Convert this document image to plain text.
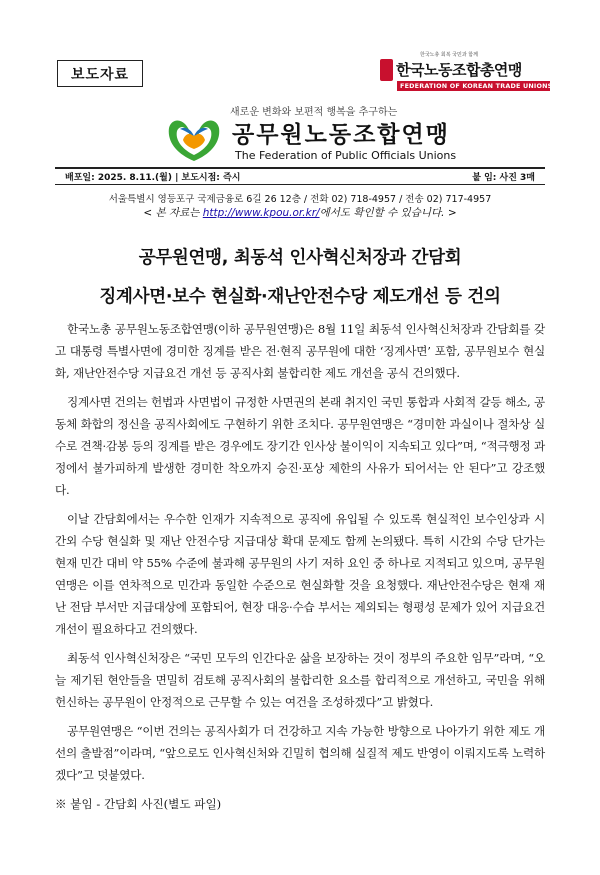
보도자료
한국노총 회복 국민과 함께
한국노동조합총연맹
FEDERATION OF KOREAN TRADE UNIONS
새로운 변화와 보편적 행복을 추구하는
공무원노동조합연맹
The Federation of Public Officials Unions
배포일: 2025. 8.11.(월) | 보도시점: 즉시	붙 임: 사진 3매
서울특별시 영등포구 국제금융로 6길 26 12층 / 전화 02) 718-4957 / 전송 02) 717-4957
< 본 자료는 http://www.kpou.or.kr/에서도 확인할 수 있습니다. >
공무원연맹, 최동석 인사혁신처장과 간담회
징계사면·보수 현실화·재난안전수당 제도개선 등 건의

한국노총 공무원노동조합연맹(이하 공무원연맹)은 8월 11일 최동석 인사혁신처장과 간담회를 갖고 대통령 특별사면에 경미한 징계를 받은 전·현직 공무원에 대한 ‘징계사면’ 포함, 공무원보수 현실화, 재난안전수당 지급요건 개선 등 공직사회 불합리한 제도 개선을 공식 건의했다.

징계사면 건의는 헌법과 사면법이 규정한 사면권의 본래 취지인 국민 통합과 사회적 갈등 해소, 공동체 화합의 정신을 공직사회에도 구현하기 위한 조치다. 공무원연맹은 “경미한 과실이나 절차상 실수로 견책·감봉 등의 징계를 받은 경우에도 장기간 인사상 불이익이 지속되고 있다”며, “적극행정 과정에서 불가피하게 발생한 경미한 착오까지 승진·포상 제한의 사유가 되어서는 안 된다”고 강조했다.

이날 간담회에서는 우수한 인재가 지속적으로 공직에 유입될 수 있도록 현실적인 보수인상과 시간외 수당 현실화 및 재난 안전수당 지급대상 확대 문제도 함께 논의됐다. 특히 시간외 수당 단가는 현재 민간 대비 약 55% 수준에 불과해 공무원의 사기 저하 요인 중 하나로 지적되고 있으며, 공무원연맹은 이를 연차적으로 민간과 동일한 수준으로 현실화할 것을 요청했다. 재난안전수당은 현재 재난 전담 부서만 지급대상에 포함되어, 현장 대응·수습 부서는 제외되는 형평성 문제가 있어 지급요건 개선이 필요하다고 건의했다.

최동석 인사혁신처장은 “국민 모두의 인간다운 삶을 보장하는 것이 정부의 주요한 임무”라며, “오늘 제기된 현안들을 면밀히 검토해 공직사회의 불합리한 요소를 합리적으로 개선하고, 국민을 위해 헌신하는 공무원이 안정적으로 근무할 수 있는 여건을 조성하겠다”고 밝혔다.

공무원연맹은 “이번 건의는 공직사회가 더 건강하고 지속 가능한 방향으로 나아가기 위한 제도 개선의 출발점”이라며, “앞으로도 인사혁신처와 긴밀히 협의해 실질적 제도 반영이 이뤄지도록 노력하겠다”고 덧붙였다.

※ 붙임 - 간담회 사진(별도 파일)
